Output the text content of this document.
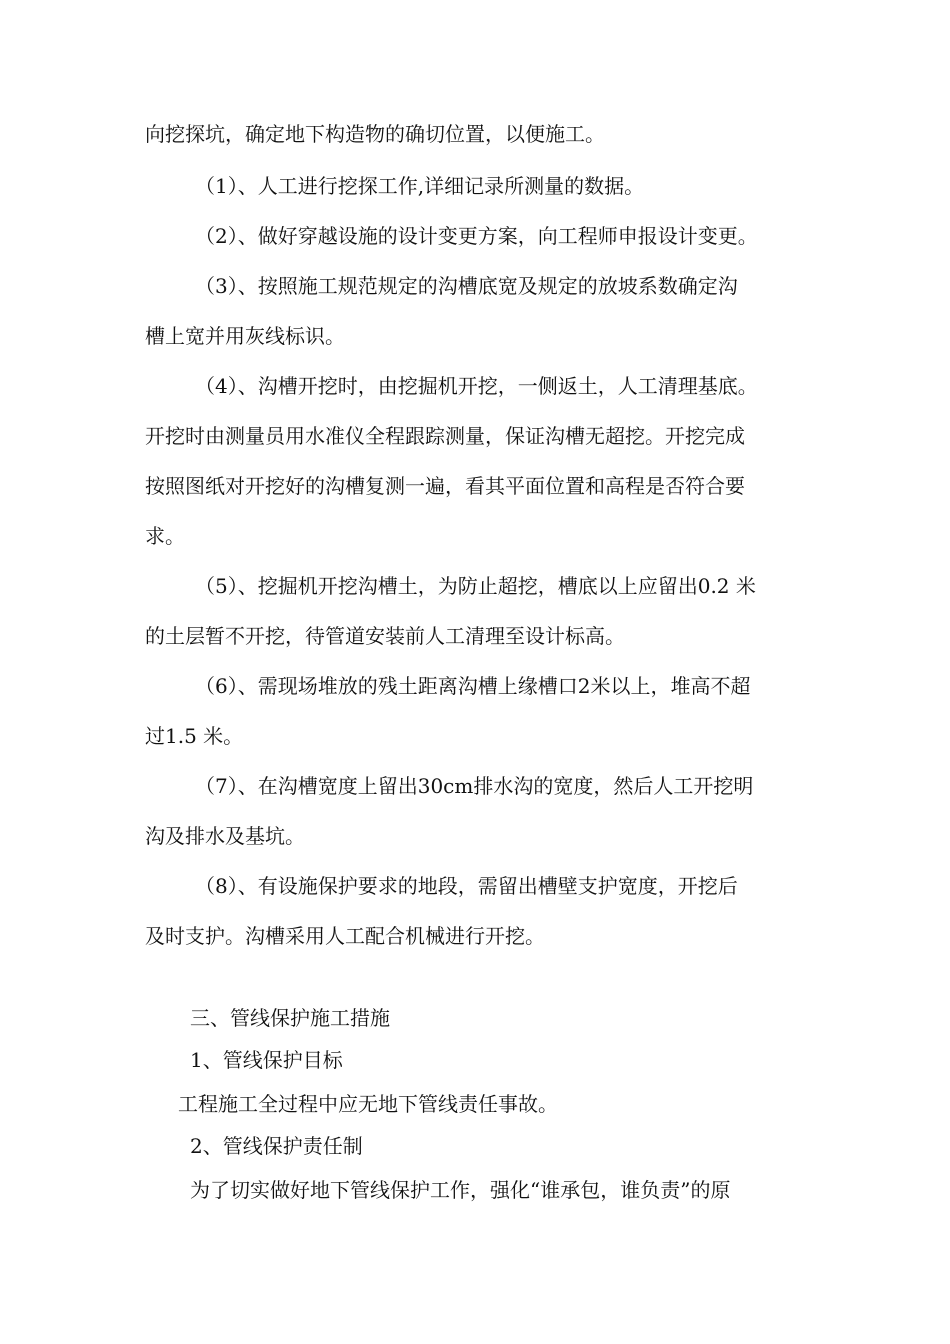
向挖探坑，确定地下构造物的确切位置，以便施工。
（1）、人工进行挖探工作,详细记录所测量的数据。
（2）、做好穿越设施的设计变更方案，向工程师申报设计变更。
（3）、按照施工规范规定的沟槽底宽及规定的放坡系数确定沟
槽上宽并用灰线标识。
（4）、沟槽开挖时，由挖掘机开挖，一侧返土，人工清理基底。
开挖时由测量员用水准仪全程跟踪测量，保证沟槽无超挖。开挖完成
按照图纸对开挖好的沟槽复测一遍，看其平面位置和高程是否符合要
求。
（5）、挖掘机开挖沟槽土，为防止超挖，槽底以上应留出0.2 米
的土层暂不开挖，待管道安装前人工清理至设计标高。
（6）、需现场堆放的残土距离沟槽上缘槽口2米以上，堆高不超
过1.5 米。
（7）、在沟槽宽度上留出30cm排水沟的宽度，然后人工开挖明
沟及排水及基坑。
（8）、有设施保护要求的地段，需留出槽壁支护宽度，开挖后
及时支护。沟槽采用人工配合机械进行开挖。
三、管线保护施工措施
1、管线保护目标
工程施工全过程中应无地下管线责任事故。
2、管线保护责任制
为了切实做好地下管线保护工作，强化“谁承包，谁负责”的原
